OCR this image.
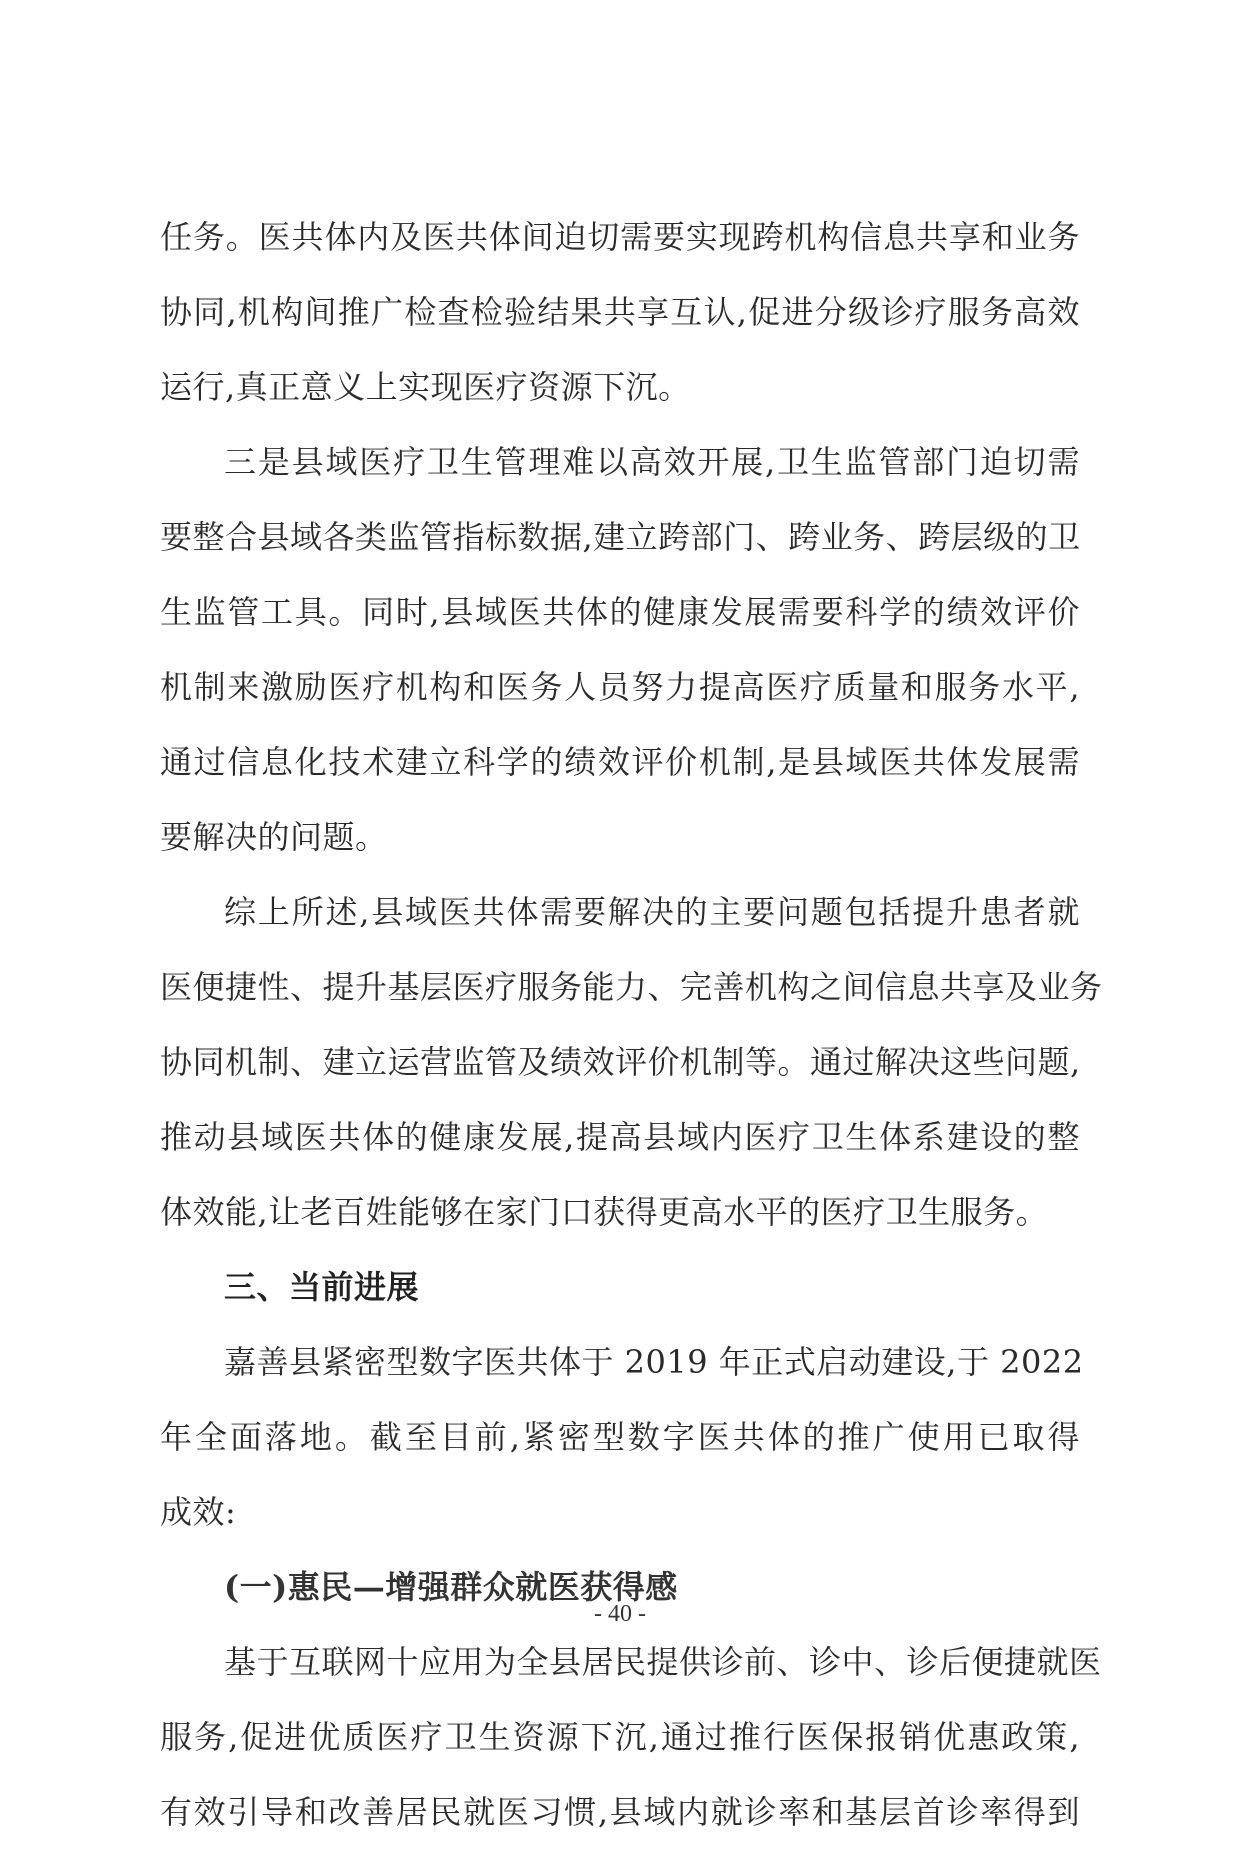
任务。医共体内及医共体间迫切需要实现跨机构信息共享和业务
协同,机构间推广检查检验结果共享互认,促进分级诊疗服务高效
运行,真正意义上实现医疗资源下沉。
三是县域医疗卫生管理难以高效开展,卫生监管部门迫切需
要整合县域各类监管指标数据,建立跨部门、跨业务、跨层级的卫
生监管工具。同时,县域医共体的健康发展需要科学的绩效评价
机制来激励医疗机构和医务人员努力提高医疗质量和服务水平,
通过信息化技术建立科学的绩效评价机制,是县域医共体发展需
要解决的问题。
综上所述,县域医共体需要解决的主要问题包括提升患者就
医便捷性、提升基层医疗服务能力、完善机构之间信息共享及业务
协同机制、建立运营监管及绩效评价机制等。通过解决这些问题,
推动县域医共体的健康发展,提高县域内医疗卫生体系建设的整
体效能,让老百姓能够在家门口获得更高水平的医疗卫生服务。
三、当前进展
嘉善县紧密型数字医共体于 2019 年正式启动建设,于 2022
年全面落地。截至目前,紧密型数字医共体的推广使用已取得
成效:
(一)惠民—增强群众就医获得感
基于互联网十应用为全县居民提供诊前、诊中、诊后便捷就医
服务,促进优质医疗卫生资源下沉,通过推行医保报销优惠政策,
有效引导和改善居民就医习惯,县域内就诊率和基层首诊率得到
- 40 -
